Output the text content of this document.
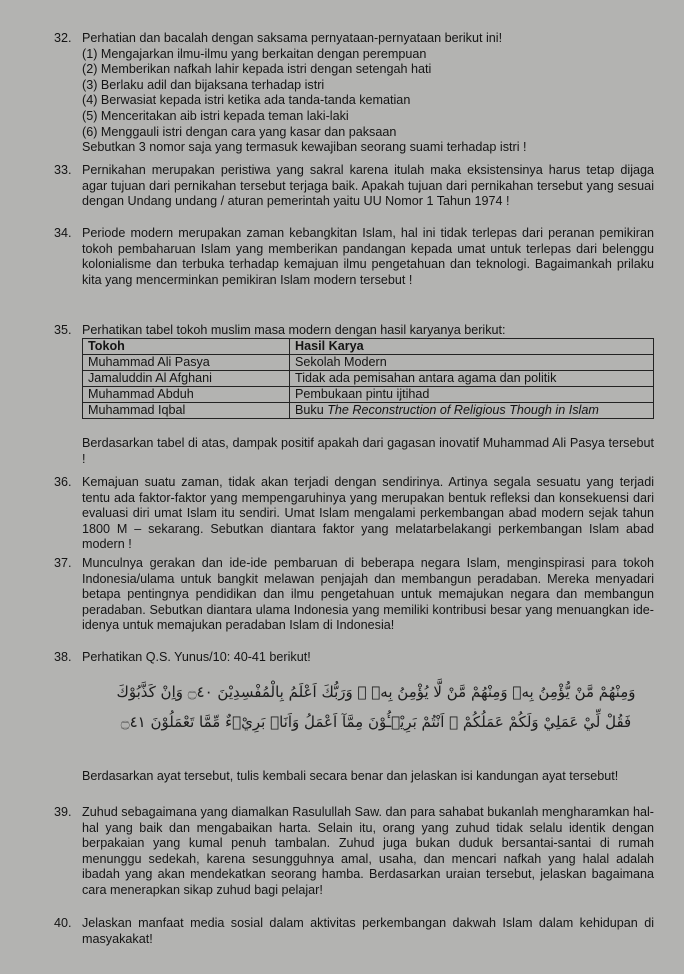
32. Perhatian dan bacalah dengan saksama pernyataan-pernyataan berikut ini!

(1) Mengajarkan ilmu-ilmu yang berkaitan dengan perempuan

(2) Memberikan nafkah lahir kepada istri dengan setengah hati

(3) Berlaku adil dan bijaksana terhadap istri

(4) Berwasiat kepada istri ketika ada tanda-tanda kematian

(5) Menceritakan aib istri kepada teman laki-laki

(6) Menggauli istri dengan cara yang kasar dan paksaan

Sebutkan 3 nomor saja yang termasuk kewajiban seorang suami terhadap istri !

33. Pernikahan merupakan peristiwa yang sakral karena itulah maka eksistensinya harus tetap dijaga agar tujuan dari pernikahan tersebut terjaga baik. Apakah tujuan dari pernikahan tersebut yang sesuai dengan Undang undang / aturan pemerintah yaitu UU Nomor 1 Tahun 1974 !
34. Periode modern merupakan zaman kebangkitan Islam, hal ini tidak terlepas dari peranan pemikiran tokoh pembaharuan Islam yang memberikan pandangan kepada umat untuk terlepas dari belenggu kolonialisme dan terbuka terhadap kemajuan ilmu pengetahuan dan teknologi. Bagaimankah prilaku kita yang mencerminkan pemikiran Islam modern tersebut !
35. Perhatikan tabel tokoh muslim masa modern dengan hasil karyanya berikut:
Tokoh	Hasil Karya
Muhammad Ali Pasya	Sekolah Modern
Jamaluddin Al Afghani	Tidak ada pemisahan antara agama dan politik
Muhammad Abduh	Pembukaan pintu ijtihad
Muhammad Iqbal	Buku The Reconstruction of Religious Though in Islam
Berdasarkan tabel di atas, dampak positif apakah dari gagasan inovatif Muhammad Ali Pasya tersebut !
36. Kemajuan suatu zaman, tidak akan terjadi dengan sendirinya. Artinya segala sesuatu yang terjadi tentu ada faktor-faktor yang mempengaruhinya yang merupakan bentuk refleksi dan konsekuensi dari evaluasi diri umat Islam itu sendiri. Umat Islam mengalami perkembangan abad modern sejak tahun 1800 M – sekarang. Sebutkan diantara faktor yang melatarbelakangi perkembangan Islam abad modern !
37. Munculnya gerakan dan ide-ide pembaruan di beberapa negara Islam, menginspirasi para tokoh Indonesia/ulama untuk bangkit melawan penjajah dan membangun peradaban. Mereka menyadari betapa pentingnya pendidikan dan ilmu pengetahuan untuk memajukan negara dan membangun peradaban. Sebutkan diantara ulama Indonesia yang memiliki kontribusi besar yang menuangkan ide-idenya untuk memajukan peradaban Islam di Indonesia!
38. Perhatikan Q.S. Yunus/10: 40-41 berikut!
وَمِنْهُمْ مَّنْ يُّؤْمِنُ بِهٖ وَمِنْهُمْ مَّنْ لَّا يُؤْمِنُ بِهٖ ۗ وَرَبُّكَ اَعْلَمُ بِالْمُفْسِدِيْنَ ۝٤٠ وَاِنْ كَذَّبُوْكَ
فَقُلْ لِّيْ عَمَلِيْ وَلَكُمْ عَمَلُكُمْ ۚ اَنْتُمْ بَرِيْۤـُٔوْنَ مِمَّآ اَعْمَلُ وَاَنَا۠ بَرِيْۤءٌ مِّمَّا تَعْمَلُوْنَ ۝٤١
Berdasarkan ayat tersebut, tulis kembali secara benar dan jelaskan isi kandungan ayat tersebut!
39. Zuhud sebagaimana yang diamalkan Rasulullah Saw. dan para sahabat bukanlah mengharamkan hal-hal yang baik dan mengabaikan harta. Selain itu, orang yang zuhud tidak selalu identik dengan berpakaian yang kumal penuh tambalan. Zuhud juga bukan duduk bersantai-santai di rumah menunggu sedekah, karena sesungguhnya amal, usaha, dan mencari nafkah yang halal adalah ibadah yang akan mendekatkan seorang hamba. Berdasarkan uraian tersebut, jelaskan bagaimana cara menerapkan sikap zuhud bagi pelajar!
40. Jelaskan manfaat media sosial dalam aktivitas perkembangan dakwah Islam dalam kehidupan di masyakakat!
